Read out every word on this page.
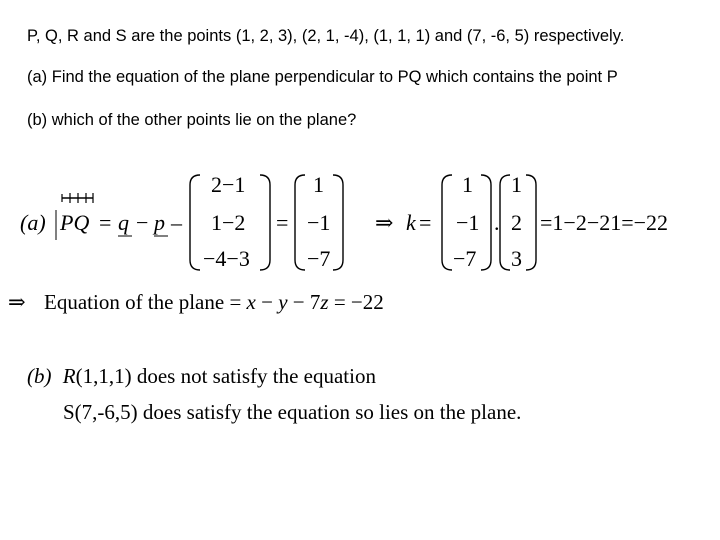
P, Q, R and S are the points (1, 2, 3), (2, 1, -4), (1, 1, 1) and (7, -6, 5) respectively.
(a) Find the equation of the plane perpendicular to PQ which contains the point P
(b) which of the other points lie on the plane?
(a) PQ = q − p –
2−1
1−2
−4−3
=
1
−1
−7
⇒ k =
1
−1
−7
.
1
2
3
=1−2−21=−22
⇒ Equation of the plane = x − y − 7z = −22
(b) R(1,1,1) does not satisfy the equation
S(7,-6,5) does satisfy the equation so lies on the plane.
